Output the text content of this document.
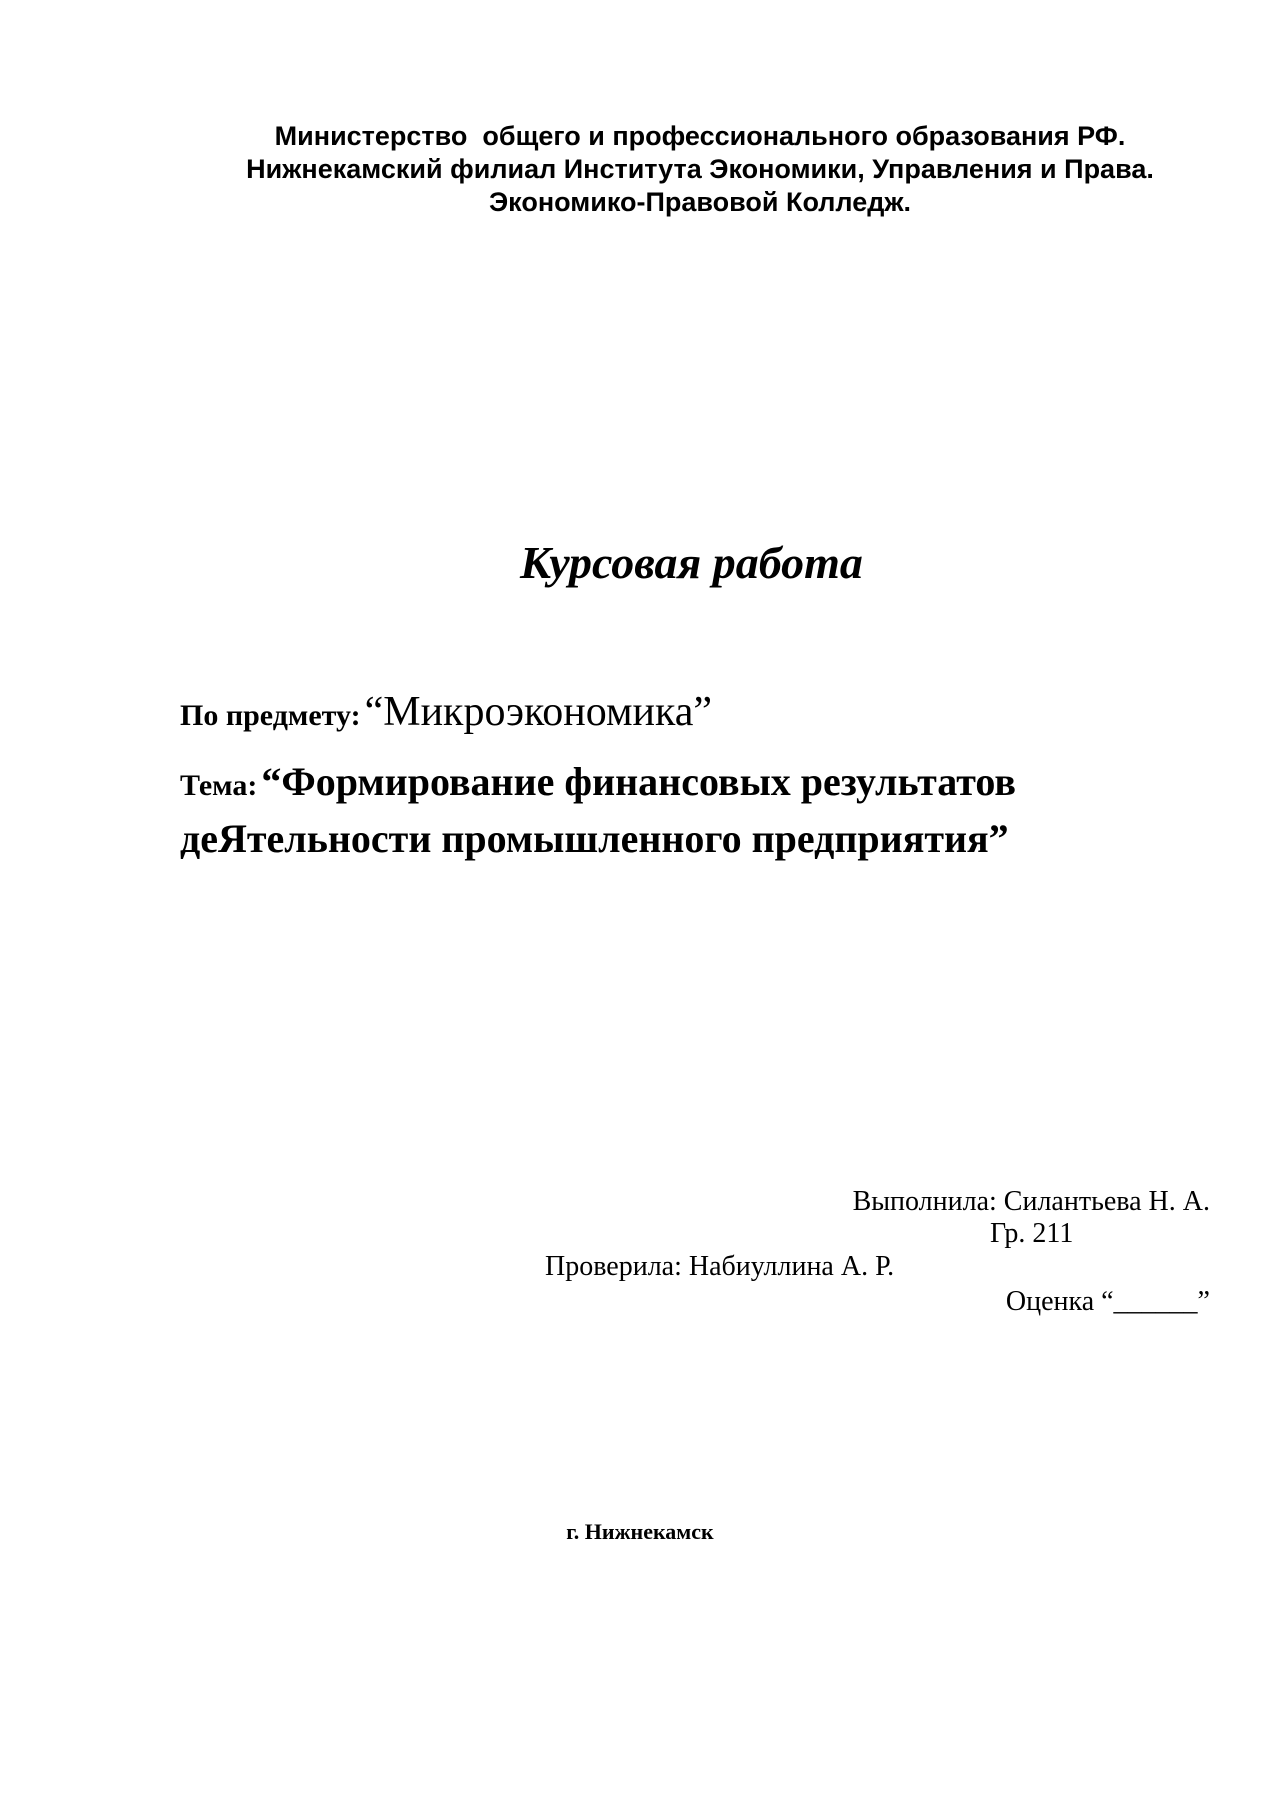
Министерство  общего и профессионального образования РФ.
Нижнекамский филиал Института Экономики, Управления и Права.
Экономико-Правовой Колледж.
Курсовая работа
По предмету: “Микроэкономика”
Тема: “Формирование финансовых результатов деЯтельности промышленного предприятия”
Выполнила: Силантьева Н. А.
Гр. 211
Проверила: Набиуллина А. Р.
Оценка “______”
г. Нижнекамск
